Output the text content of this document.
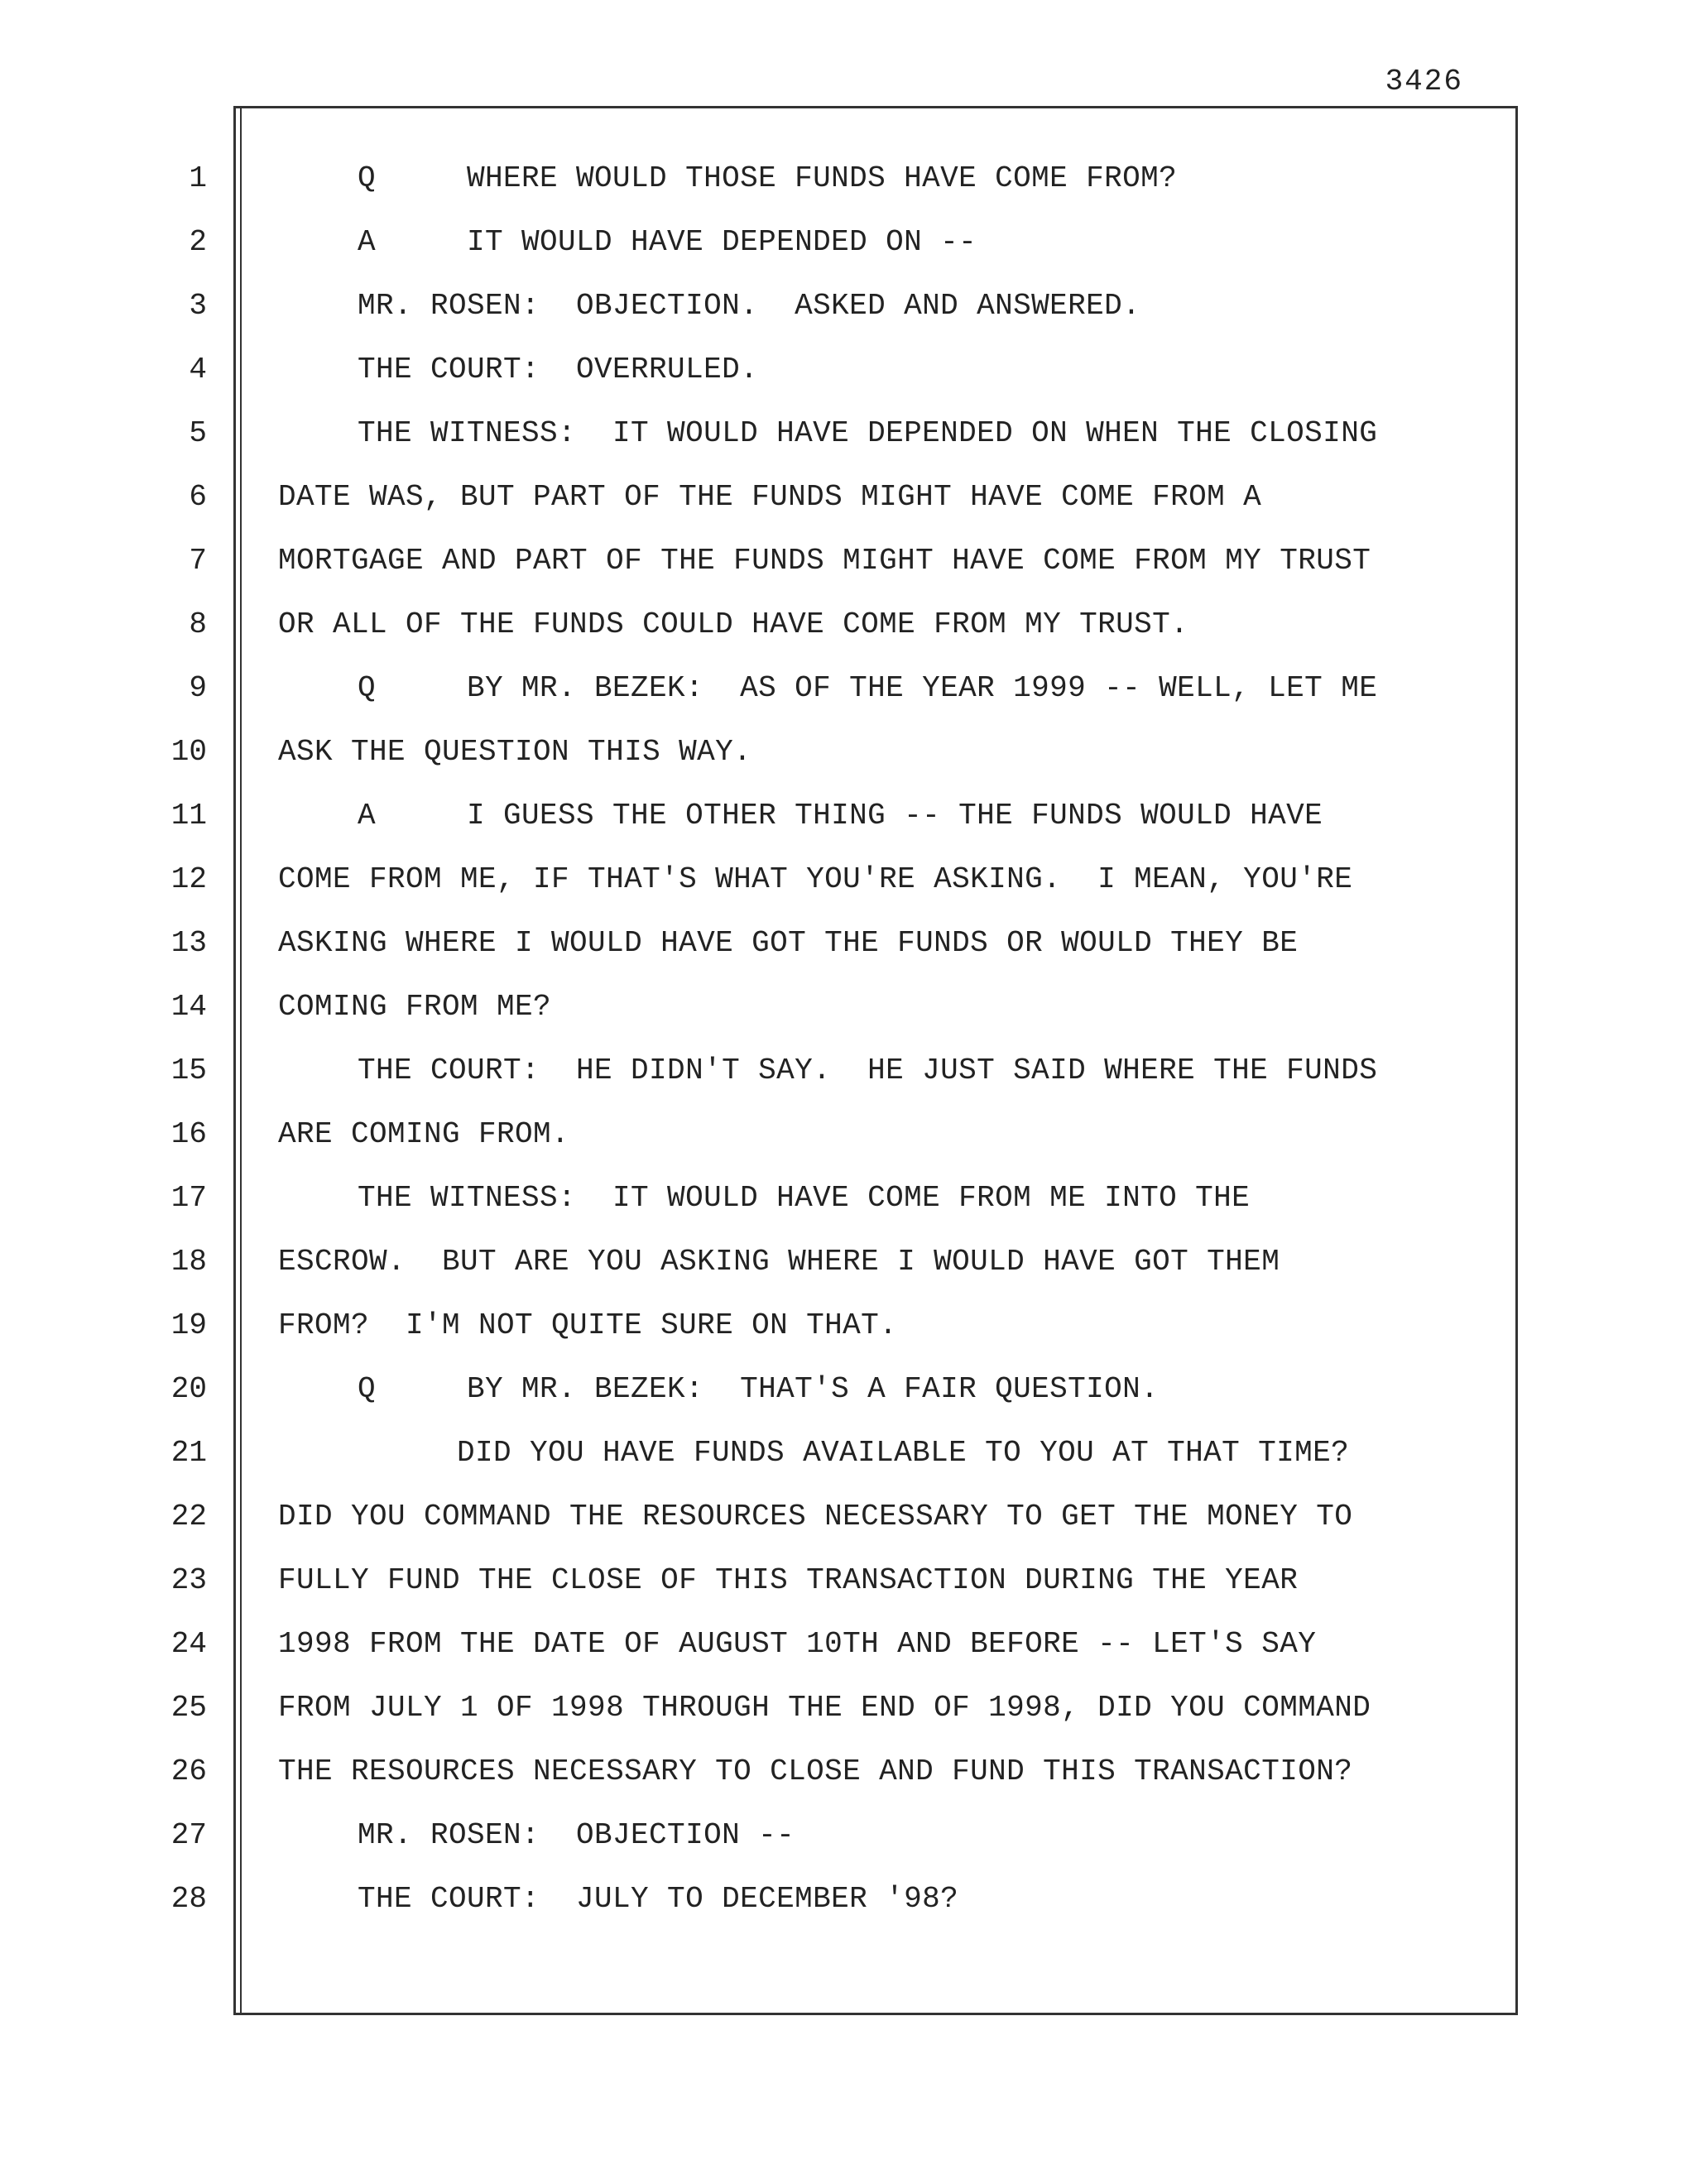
3426
1
2
3
4
5
6
7
8
9
10
11
12
13
14
15
16
17
18
19
20
21
22
23
24
25
26
27
28
Q     WHERE WOULD THOSE FUNDS HAVE COME FROM?
A     IT WOULD HAVE DEPENDED ON --
MR. ROSEN:  OBJECTION.  ASKED AND ANSWERED.
THE COURT:  OVERRULED.
THE WITNESS:  IT WOULD HAVE DEPENDED ON WHEN THE CLOSING
DATE WAS, BUT PART OF THE FUNDS MIGHT HAVE COME FROM A
MORTGAGE AND PART OF THE FUNDS MIGHT HAVE COME FROM MY TRUST
OR ALL OF THE FUNDS COULD HAVE COME FROM MY TRUST.
Q     BY MR. BEZEK:  AS OF THE YEAR 1999 -- WELL, LET ME
ASK THE QUESTION THIS WAY.
A     I GUESS THE OTHER THING -- THE FUNDS WOULD HAVE
COME FROM ME, IF THAT'S WHAT YOU'RE ASKING.  I MEAN, YOU'RE
ASKING WHERE I WOULD HAVE GOT THE FUNDS OR WOULD THEY BE
COMING FROM ME?
THE COURT:  HE DIDN'T SAY.  HE JUST SAID WHERE THE FUNDS
ARE COMING FROM.
THE WITNESS:  IT WOULD HAVE COME FROM ME INTO THE
ESCROW.  BUT ARE YOU ASKING WHERE I WOULD HAVE GOT THEM
FROM?  I'M NOT QUITE SURE ON THAT.
Q     BY MR. BEZEK:  THAT'S A FAIR QUESTION.
DID YOU HAVE FUNDS AVAILABLE TO YOU AT THAT TIME?
DID YOU COMMAND THE RESOURCES NECESSARY TO GET THE MONEY TO
FULLY FUND THE CLOSE OF THIS TRANSACTION DURING THE YEAR
1998 FROM THE DATE OF AUGUST 10TH AND BEFORE -- LET'S SAY
FROM JULY 1 OF 1998 THROUGH THE END OF 1998, DID YOU COMMAND
THE RESOURCES NECESSARY TO CLOSE AND FUND THIS TRANSACTION?
MR. ROSEN:  OBJECTION --
THE COURT:  JULY TO DECEMBER '98?
